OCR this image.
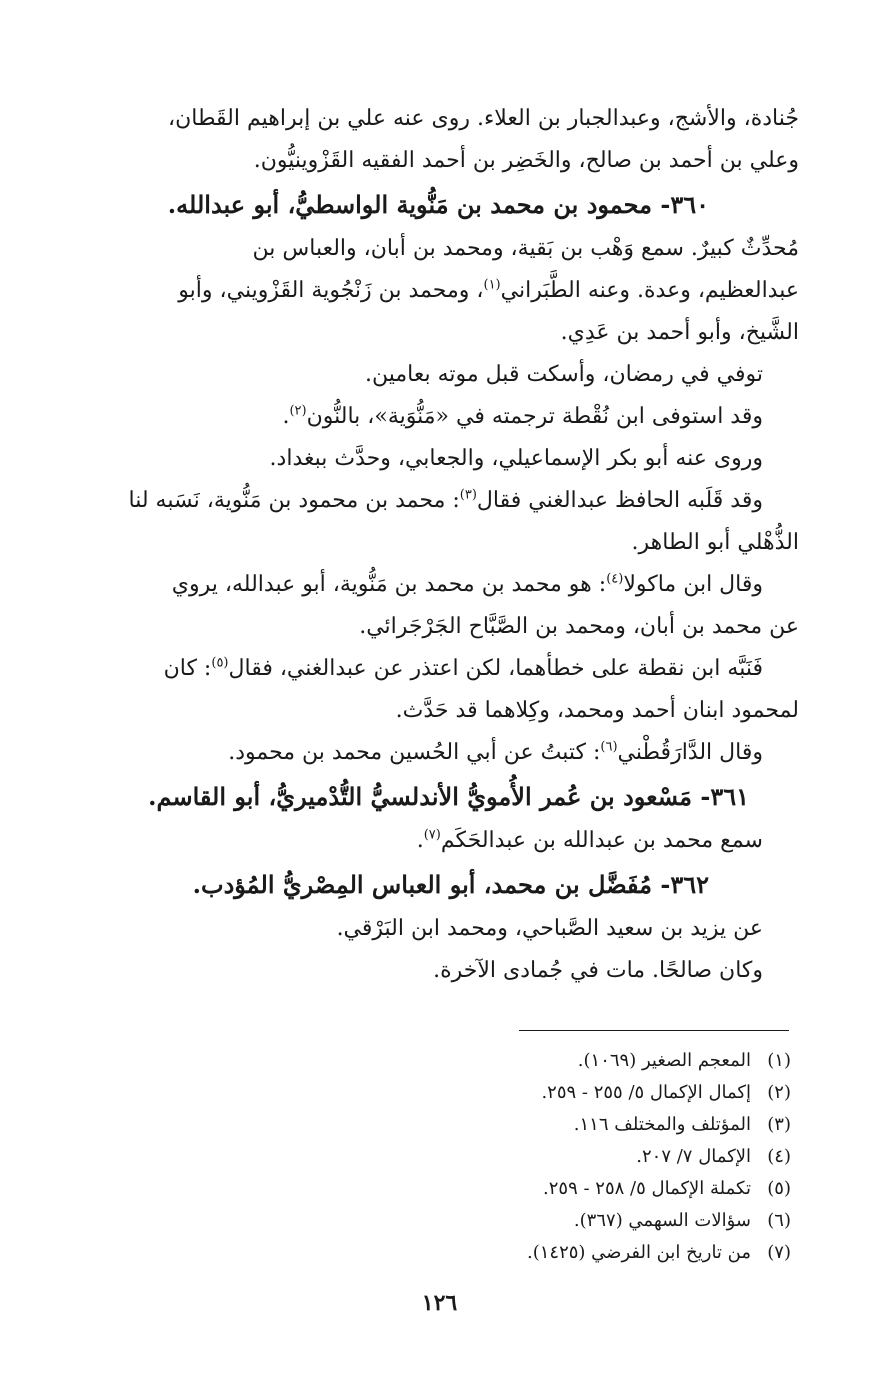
جُنادة، والأشج، وعبدالجبار بن العلاء. روى عنه علي بن إبراهيم القَطان،
وعلي بن أحمد بن صالح، والخَضِر بن أحمد الفقيه القَزْوينيُّون.
٣٦٠- محمود بن محمد بن مَنُّوية الواسطيُّ، أبو عبدالله.
مُحدِّثٌ كبيرٌ. سمع وَهْب بن بَقية، ومحمد بن أبان، والعباس بن
عبدالعظيم، وعدة. وعنه الطَّبَراني$^{(١)}$، ومحمد بن زَنْجُوية القَزْويني، وأبو
الشَّيخ، وأبو أحمد بن عَدِي.
توفي في رمضان، وأسكت قبل موته بعامين.
وقد استوفى ابن نُقْطة ترجمته في «مَنُّوَية»، بالنُّون$^{(٢)}$.
وروى عنه أبو بكر الإسماعيلي، والجعابي، وحدَّث ببغداد.
وقد قَلَبه الحافظ عبدالغني فقال$^{(٣)}$: محمد بن محمود بن مَنُّوية، نَسَبه لنا
الذُّهْلي أبو الطاهر.
وقال ابن ماكولا$^{(٤)}$: هو محمد بن محمد بن مَنُّوية، أبو عبدالله، يروي
عن محمد بن أبان، ومحمد بن الصَّبَّاح الجَرْجَرائي.
فَنَبَّه ابن نقطة على خطأهما، لكن اعتذر عن عبدالغني، فقال$^{(٥)}$: كان
لمحمود ابنان أحمد ومحمد، وكِلاهما قد حَدَّث.
وقال الدَّارَقُطْني$^{(٦)}$: كتبتُ عن أبي الحُسين محمد بن محمود.
٣٦١- مَسْعود بن عُمر الأُمويُّ الأندلسيُّ التُّدْميريُّ، أبو القاسم.
سمع محمد بن عبدالله بن عبدالحَكَم$^{(٧)}$.
٣٦٢- مُفَضَّل بن محمد، أبو العباس المِصْريُّ المُؤدب.
عن يزيد بن سعيد الصَّباحي، ومحمد ابن البَرْقي.
وكان صالحًا. مات في جُمادى الآخرة.
(١)المعجم الصغير (١٠٦٩).
(٢)إكمال الإكمال ٥/ ٢٥٥ - ٢٥٩.
(٣)المؤتلف والمختلف ١١٦.
(٤)الإكمال ٧/ ٢٠٧.
(٥)تكملة الإكمال ٥/ ٢٥٨ - ٢٥٩.
(٦)سؤالات السهمي (٣٦٧).
(٧)من تاريخ ابن الفرضي (١٤٢٥).
١٢٦
